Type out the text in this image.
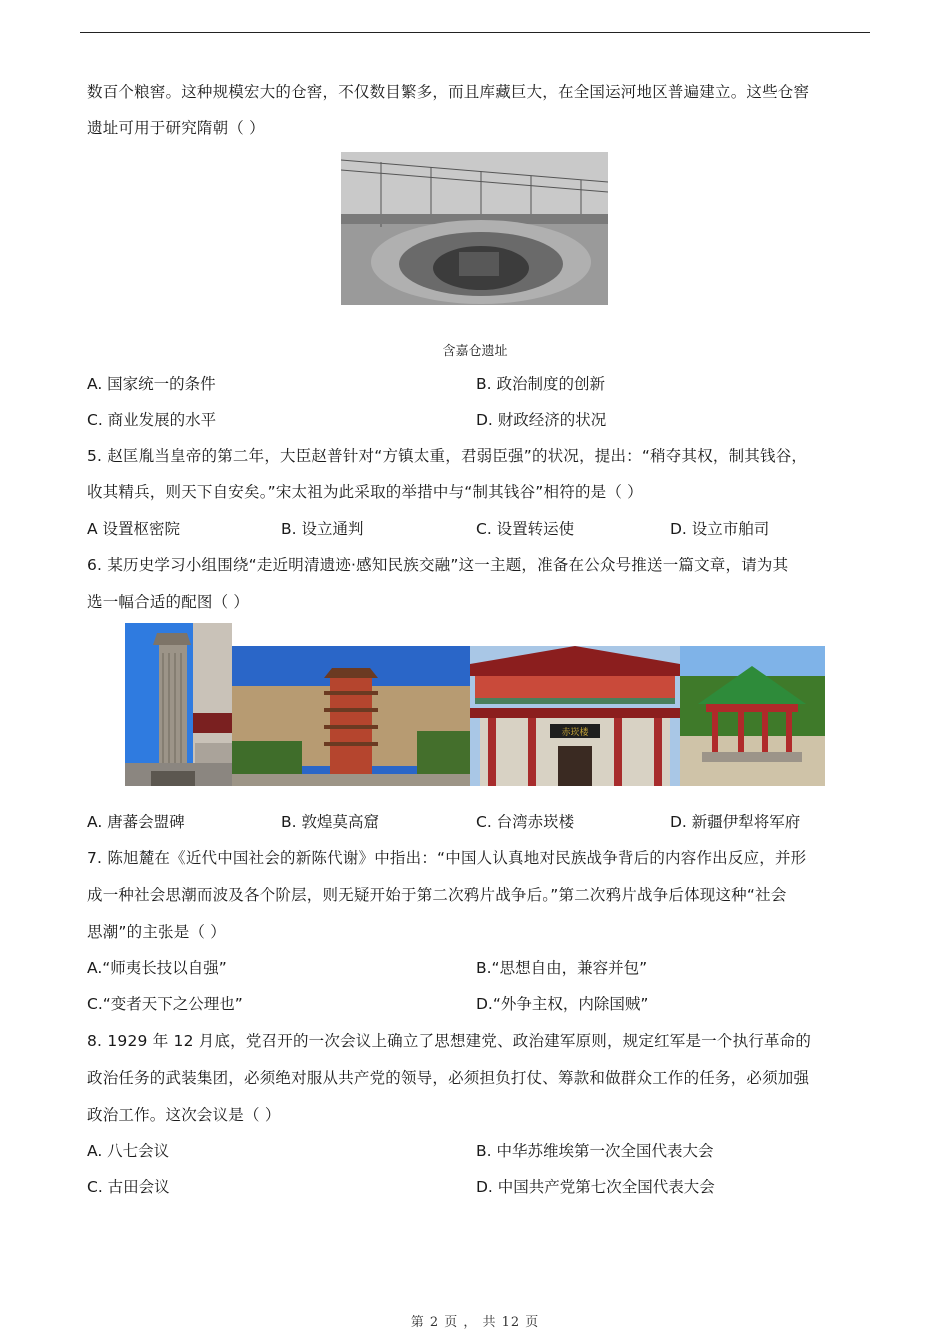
数百个粮窖。这种规模宏大的仓窖，不仅数目繁多，而且库藏巨大，在全国运河地区普遍建立。这些仓窖
遗址可用于研究隋朝（ ）
含嘉仓遗址
A. 国家统一的条件	B. 政治制度的创新
C. 商业发展的水平	D. 财政经济的状况
5. 赵匡胤当皇帝的第二年，大臣赵普针对“方镇太重，君弱臣强”的状况，提出：“稍夺其权，制其钱谷，
收其精兵，则天下自安矣。”宋太祖为此采取的举措中与“制其钱谷”相符的是（ ）
A 设置枢密院	B. 设立通判	C. 设置转运使	D. 设立市舶司
6. 某历史学习小组围绕“走近明清遗迹·感知民族交融”这一主题，准备在公众号推送一篇文章，请为其
选一幅合适的配图（ ）
赤崁楼
A. 唐蕃会盟碑	B. 敦煌莫高窟	C. 台湾赤崁楼	D. 新疆伊犁将军府
7. 陈旭麓在《近代中国社会的新陈代谢》中指出：“中国人认真地对民族战争背后的内容作出反应，并形
成一种社会思潮而波及各个阶层，则无疑开始于第二次鸦片战争后。”第二次鸦片战争后体现这种“社会
思潮”的主张是（ ）
A.“师夷长技以自强”	B.“思想自由，兼容并包”
C.“变者天下之公理也”	D.“外争主权，内除国贼”
8. 1929 年 12 月底，党召开的一次会议上确立了思想建党、政治建军原则，规定红军是一个执行革命的
政治任务的武装集团，必须绝对服从共产党的领导，必须担负打仗、筹款和做群众工作的任务，必须加强
政治工作。这次会议是（ ）
A. 八七会议	B. 中华苏维埃第一次全国代表大会
C. 古田会议	D. 中国共产党第七次全国代表大会
第 2 页 ， 共 12 页
